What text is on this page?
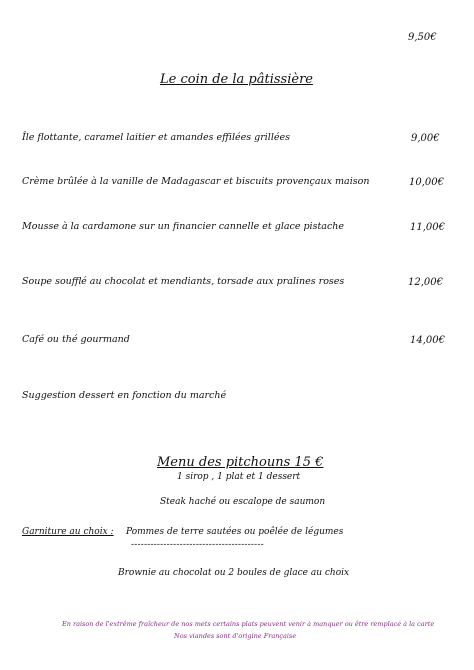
9,50€
Le coin de la pâtissière
Île flottante, caramel laitier et amandes effilées grillées	9,00€
Crème brûlée à la vanille de Madagascar et biscuits provençaux maison	10,00€
Mousse à la cardamone sur un financier cannelle et glace pistache	11,00€
Soupe soufflé au chocolat et mendiants, torsade aux pralines roses	12,00€
Café ou thé gourmand	14,00€
Suggestion dessert en fonction du marché
Menu des pitchouns 15 €
1 sirop , 1 plat et 1 dessert
Steak haché ou escalope de saumon
Garniture au choix : Pommes de terre sautées ou poêlée de légumes
-----------------------------------------
Brownie au chocolat ou 2 boules de glace au choix
En raison de l'extrême fraîcheur de nos mets certains plats peuvent venir à manquer ou être remplacé à la carte
Nos viandes sont d'origine Française
